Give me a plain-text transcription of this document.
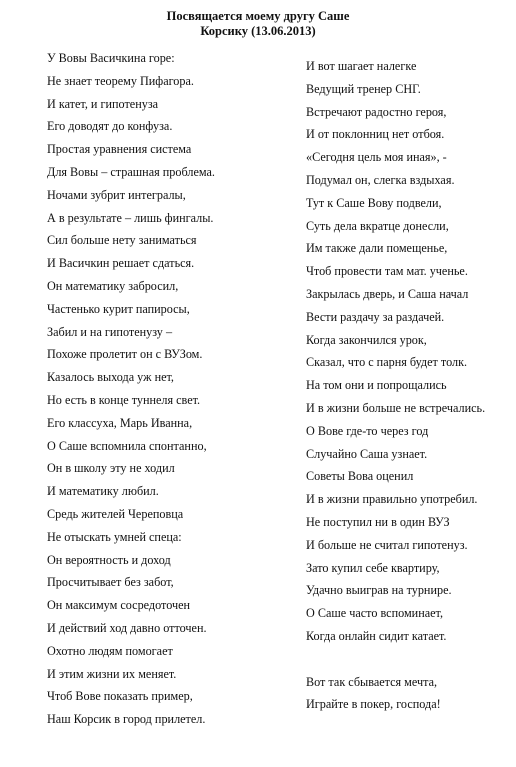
Посвящается моему другу Саше
Корсику (13.06.2013)
У Вовы Васичкина горе:
Не знает теорему Пифагора.
И катет, и гипотенуза
Его доводят до конфуза.
Простая уравнения система
Для Вовы – страшная проблема.
Ночами зубрит интегралы,
А в результате – лишь фингалы.
Сил больше нету заниматься
И Васичкин решает сдаться.
Он математику забросил,
Частенько курит папиросы,
Забил и на гипотенузу –
Похоже пролетит он с ВУЗом.
Казалось выхода уж нет,
Но есть в конце туннеля свет.
Его классуха, Марь Иванна,
О Саше вспомнила спонтанно,
Он в школу эту не ходил
И математику любил.
Средь жителей Череповца
Не отыскать умней спеца:
Он вероятность и доход
Просчитывает без забот,
Он максимум сосредоточен
И действий ход давно отточен.
Охотно людям помогает
И этим жизни их меняет.
Чтоб Вове показать пример,
Наш Корсик в город прилетел.
И вот шагает налегке
Ведущий тренер СНГ.
Встречают радостно героя,
И от поклонниц нет отбоя.
«Сегодня цель моя иная», -
Подумал он, слегка вздыхая.
Тут к Саше Вову подвели,
Суть дела вкратце донесли,
Им также дали помещенье,
Чтоб провести там мат. ученье.
Закрылась дверь, и Саша начал
Вести раздачу за раздачей.
Когда закончился урок,
Сказал, что с парня будет толк.
На том они и попрощались
И в жизни больше не встречались.
О Вове где-то через год
Случайно Саша узнает.
Советы Вова оценил
И в жизни правильно употребил.
Не поступил ни в один ВУЗ
И больше не считал гипотенуз.
Зато купил себе квартиру,
Удачно выиграв на турнире.
О Саше часто вспоминает,
Когда онлайн сидит катает.
Вот так сбывается мечта,
Играйте в покер, господа!
